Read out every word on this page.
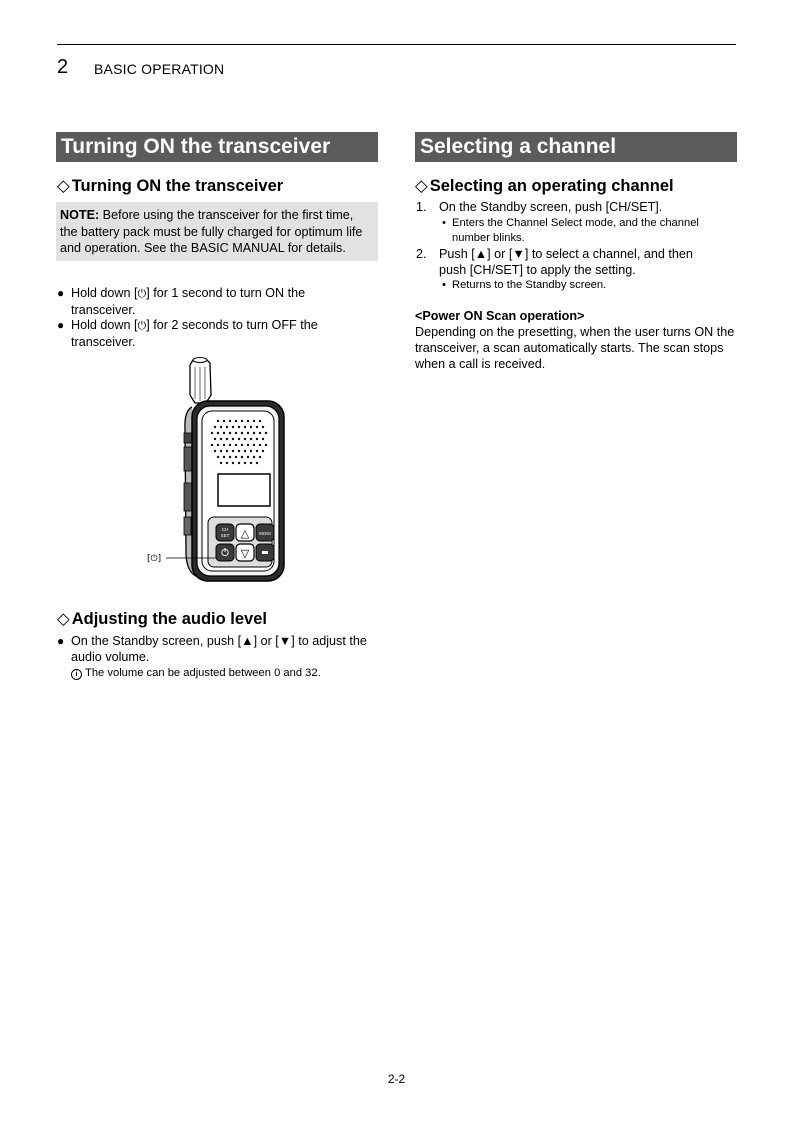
2 BASIC OPERATION
Turning ON the transceiver
◇ Turning ON the transceiver
NOTE: Before using the transceiver for the first time, the battery pack must be fully charged for optimum life and operation. See the BASIC MANUAL for details.
● Hold down [⏻] for 1 second to turn ON the transceiver.
● Hold down [⏻] for 2 seconds to turn OFF the transceiver.
CH
SET △ MONI
▽
[⏻]
◇ Adjusting the audio level
● On the Standby screen, push [▲] or [▼] to adjust the audio volume.
i The volume can be adjusted between 0 and 32.
Selecting a channel
◇ Selecting an operating channel
1. On the Standby screen, push [CH/SET].
• Enters the Channel Select mode, and the channel number blinks.
2. Push [▲] or [▼] to select a channel, and then push [CH/SET] to apply the setting.
• Returns to the Standby screen.
<Power ON Scan operation>
Depending on the presetting, when the user turns ON the transceiver, a scan automatically starts. The scan stops when a call is received.
2-2
